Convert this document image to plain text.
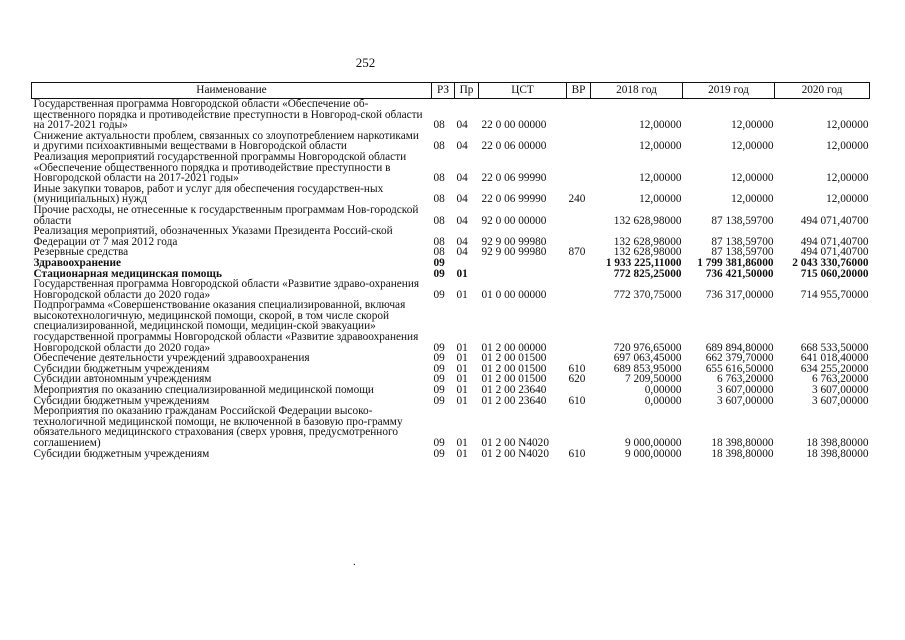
252
Наименование	РЗ	Пр	ЦСТ	ВР	2018 год	2019 год	2020 год
Государственная программа Новгородской области «Обеспечение об-щественного порядка и противодействие преступности в Новгород-ской области на 2017-2021 годы»	08	04	22 0 00 00000		12,00000	12,00000	12,00000
Снижение актуальности проблем, связанных со злоупотреблением наркотиками и другими психоактивными веществами в Новгородской области	08	04	22 0 06 00000		12,00000	12,00000	12,00000
Реализация мероприятий государственной программы Новгородской области «Обеспечение общественного порядка и противодействие преступности в Новгородской области на 2017-2021 годы»	08	04	22 0 06 99990		12,00000	12,00000	12,00000
Иные закупки товаров, работ и услуг для обеспечения государствен-ных (муниципальных) нужд	08	04	22 0 06 99990	240	12,00000	12,00000	12,00000
Прочие расходы, не отнесенные к государственным программам Нов-городской области	08	04	92 0 00 00000		132 628,98000	87 138,59700	494 071,40700
Реализация мероприятий, обозначенных Указами Президента Россий-ской Федерации от 7 мая 2012 года	08	04	92 9 00 99980		132 628,98000	87 138,59700	494 071,40700
Резервные средства	08	04	92 9 00 99980	870	132 628,98000	87 138,59700	494 071,40700
Здравоохранение	09				1 933 225,11000	1 799 381,86000	2 043 330,76000
Стационарная медицинская помощь	09	01			772 825,25000	736 421,50000	715 060,20000
Государственная программа Новгородской области «Развитие здраво-охранения Новгородской области до 2020 года»	09	01	01 0 00 00000		772 370,75000	736 317,00000	714 955,70000
Подпрограмма «Совершенствование оказания специализированной, включая высокотехнологичную, медицинской помощи, скорой, в том числе скорой специализированной, медицинской помощи, медицин-ской эвакуации» государственной программы Новгородской области «Развитие здравоохранения Новгородской области до 2020 года»	09	01	01 2 00 00000		720 976,65000	689 894,80000	668 533,50000
Обеспечение деятельности учреждений здравоохранения	09	01	01 2 00 01500		697 063,45000	662 379,70000	641 018,40000
Субсидии бюджетным учреждениям	09	01	01 2 00 01500	610	689 853,95000	655 616,50000	634 255,20000
Субсидии автономным учреждениям	09	01	01 2 00 01500	620	7 209,50000	6 763,20000	6 763,20000
Мероприятия по оказанию специализированной медицинской помощи	09	01	01 2 00 23640		0,00000	3 607,00000	3 607,00000
Субсидии бюджетным учреждениям	09	01	01 2 00 23640	610	0,00000	3 607,00000	3 607,00000
Мероприятия по оказанию гражданам Российской Федерации высоко-технологичной медицинской помощи, не включенной в базовую про-грамму обязательного медицинского страхования (сверх уровня, предусмотренного соглашением)	09	01	01 2 00 N4020		9 000,00000	18 398,80000	18 398,80000
Субсидии бюджетным учреждениям	09	01	01 2 00 N4020	610	9 000,00000	18 398,80000	18 398,80000
.
